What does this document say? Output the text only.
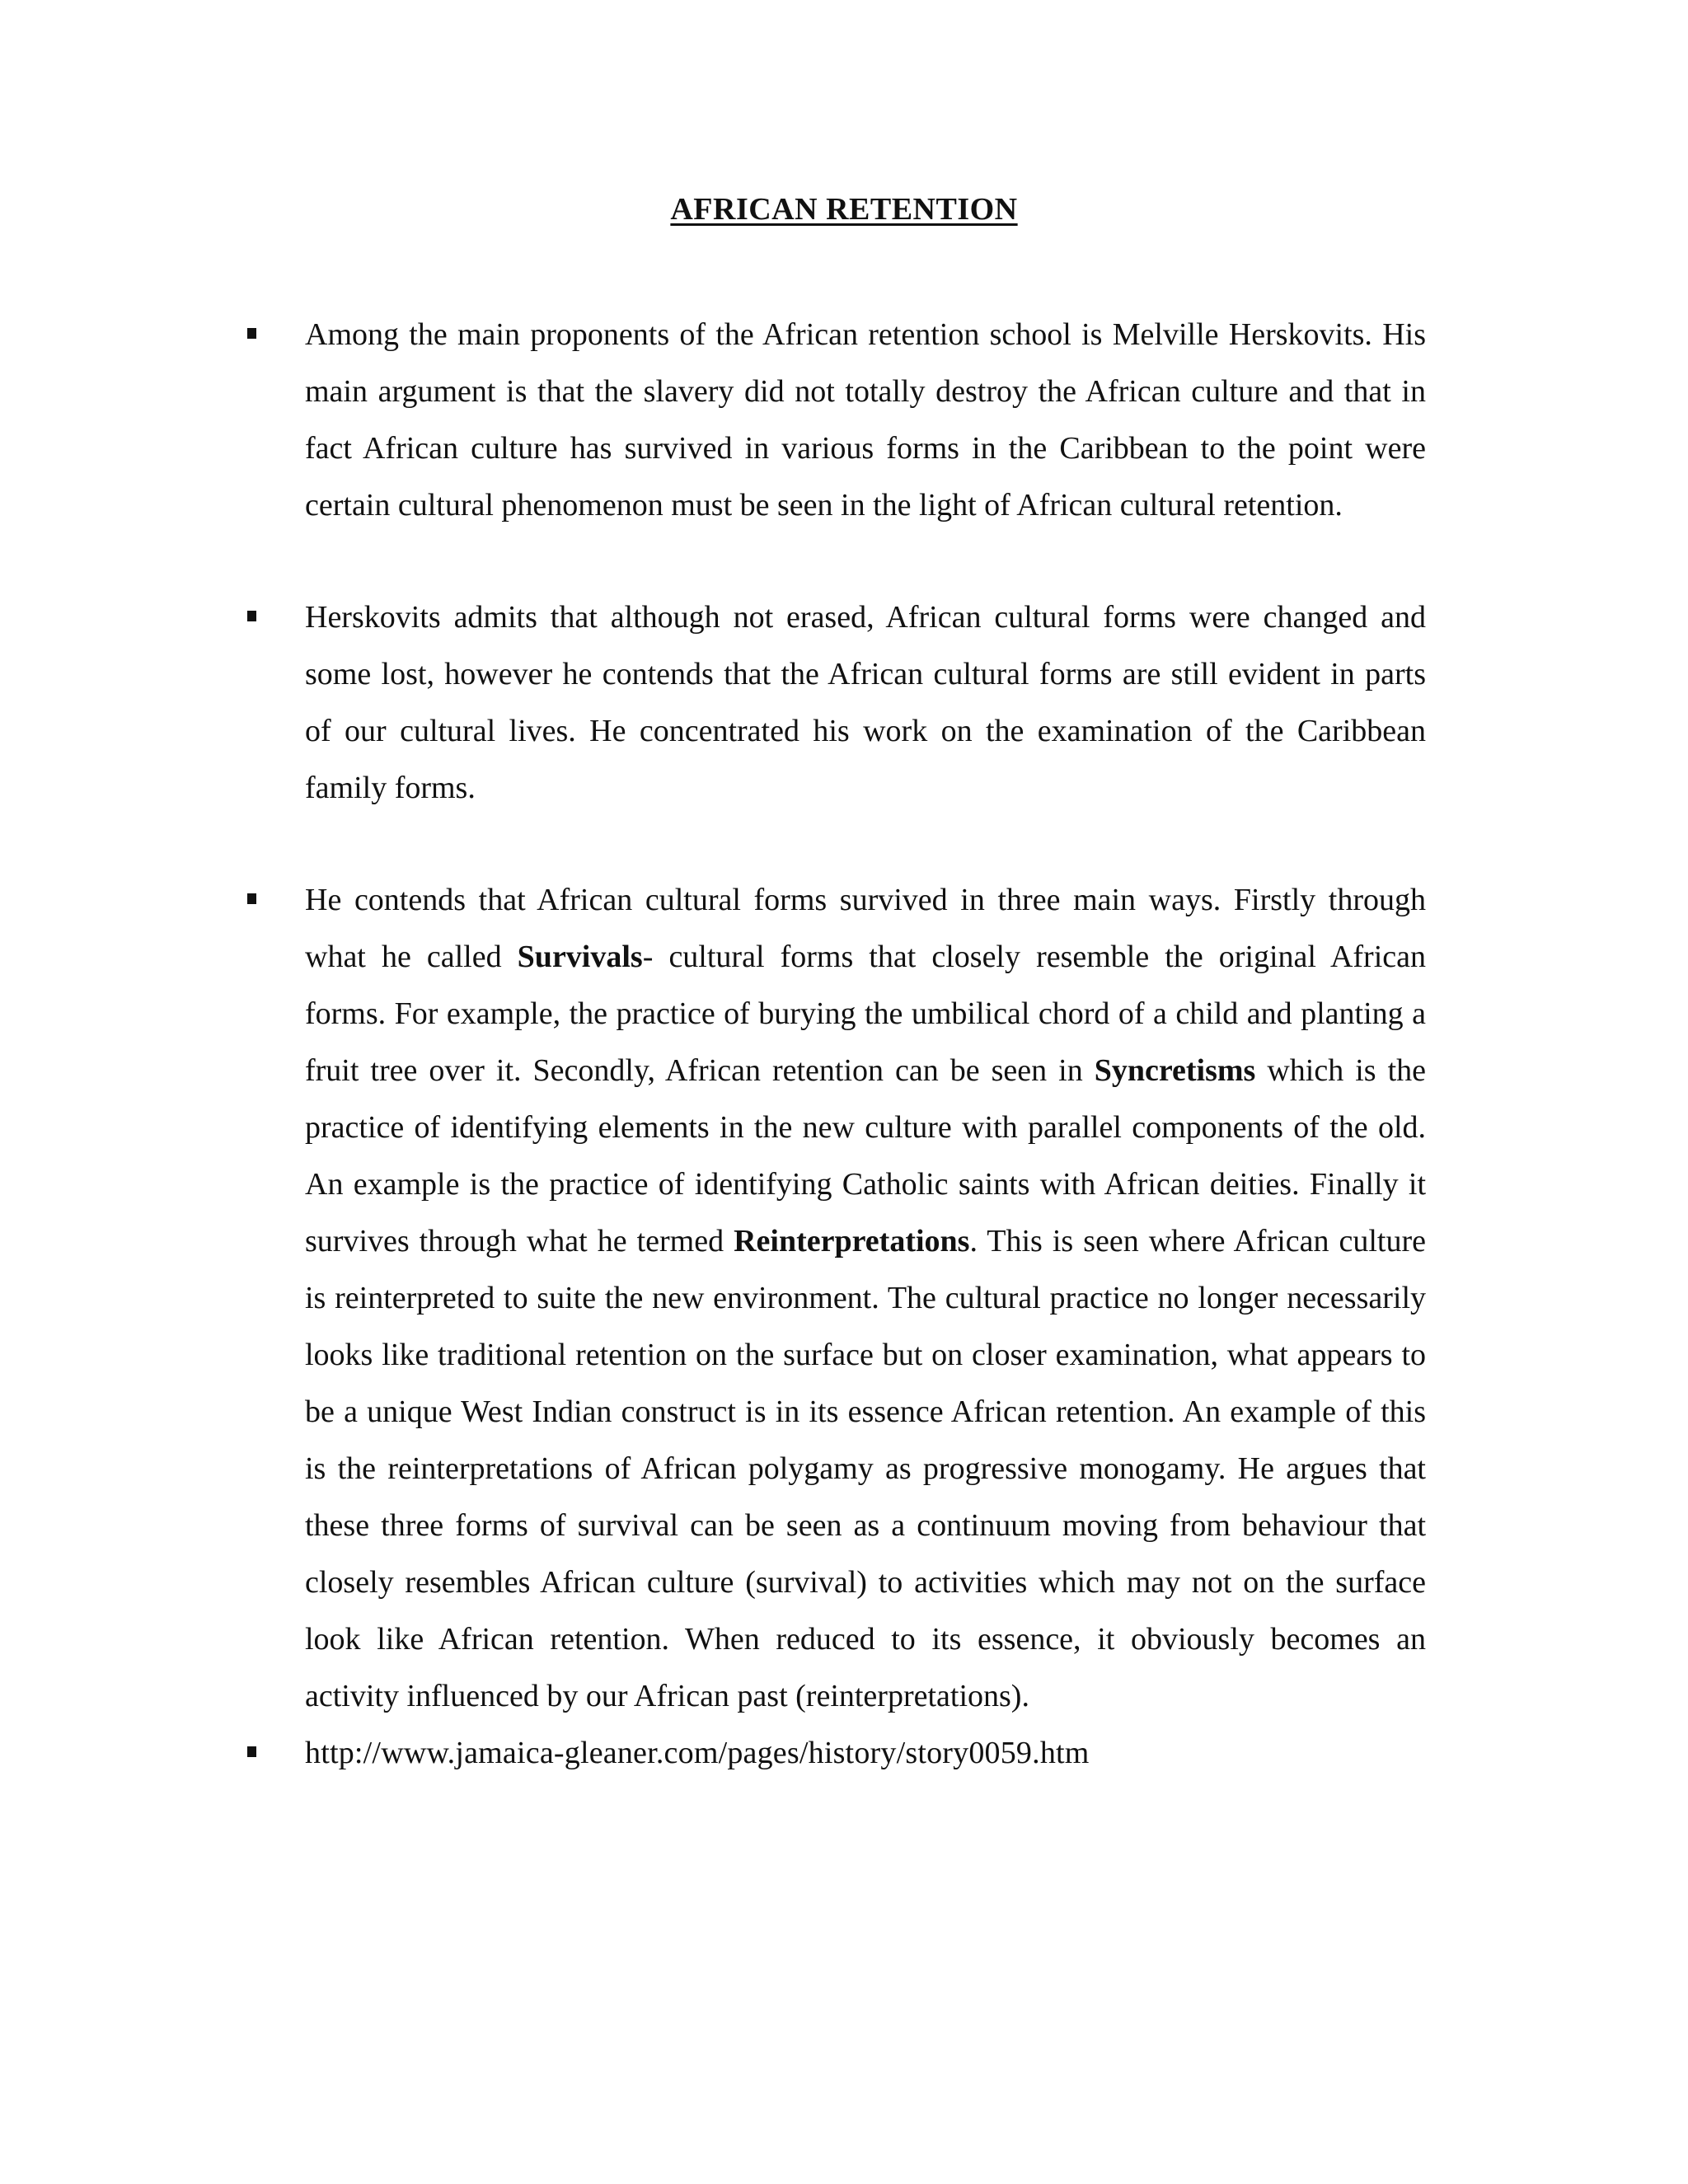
AFRICAN RETENTION

Among the main proponents of the African retention school is Melville Herskovits. His main argument is that the slavery did not totally destroy the African culture and that in fact African culture has survived in various forms in the Caribbean to the point were certain cultural phenomenon must be seen in the light of African cultural retention.

Herskovits admits that although not erased, African cultural forms were changed and some lost, however he contends that the African cultural forms are still evident in parts of our cultural lives. He concentrated his work on the examination of the Caribbean family forms.

He contends that African cultural forms survived in three main ways. Firstly through what he called Survivals- cultural forms that closely resemble the original African forms. For example, the practice of burying the umbilical chord of a child and planting a fruit tree over it. Secondly, African retention can be seen in Syncretisms which is the practice of identifying elements in the new culture with parallel components of the old. An example is the practice of identifying Catholic saints with African deities. Finally it survives through what he termed Reinterpretations. This is seen where African culture is reinterpreted to suite the new environment. The cultural practice no longer necessarily looks like traditional retention on the surface but on closer examination, what appears to be a unique West Indian construct is in its essence African retention. An example of this is the reinterpretations of African polygamy as progressive monogamy. He argues that these three forms of survival can be seen as a continuum moving from behaviour that closely resembles African culture (survival) to activities which may not on the surface look like African retention. When reduced to its essence, it obviously becomes an activity influenced by our African past (reinterpretations).

http://www.jamaica-gleaner.com/pages/history/story0059.htm
